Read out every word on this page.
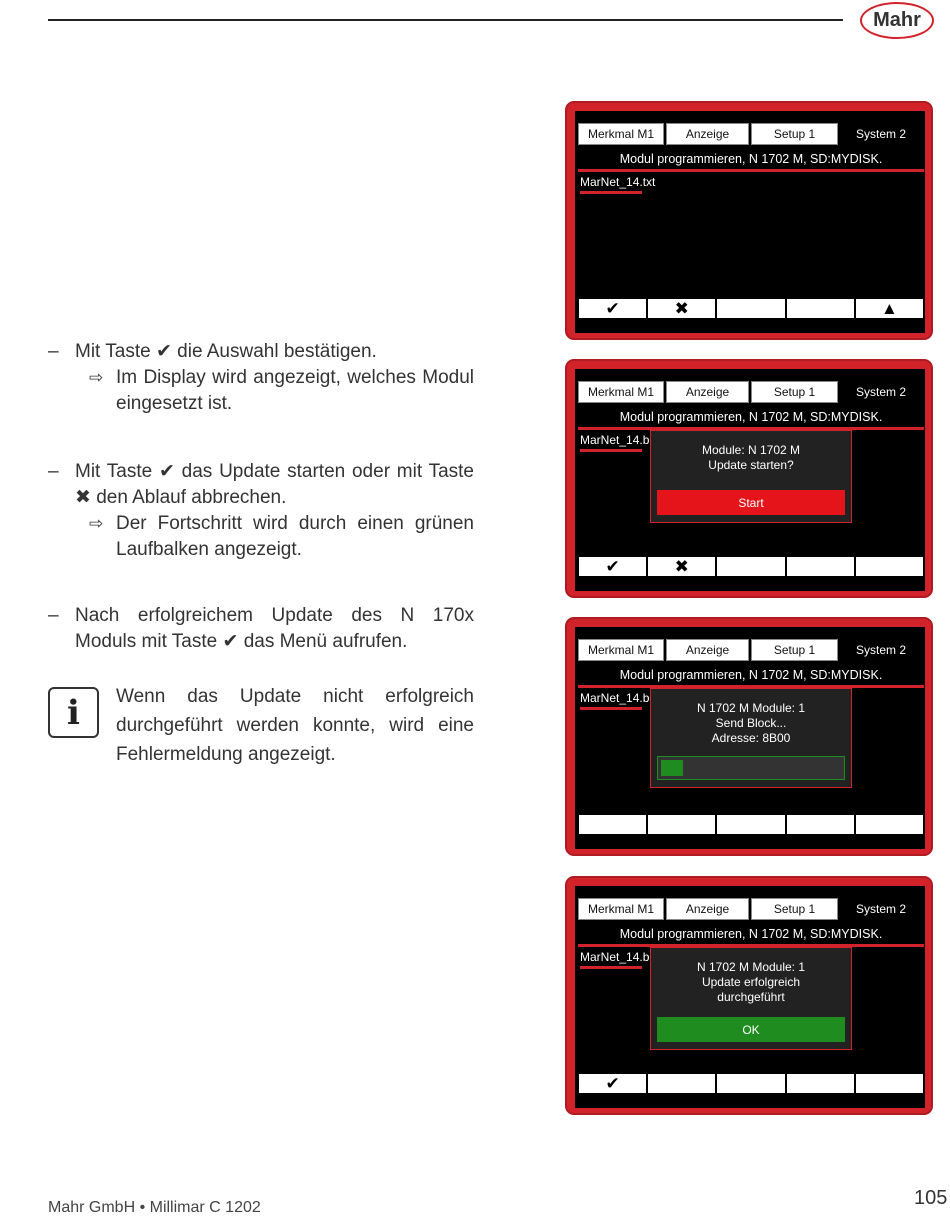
Mahr
– Mit Taste ✔ die Auswahl bestätigen.
⇨ Im Display wird angezeigt, welches Modul eingesetzt ist.
– Mit Taste ✔ das Update starten oder mit Taste ✖ den Ablauf abbrechen.
⇨ Der Fortschritt wird durch einen grünen Laufbalken angezeigt.
– Nach erfolgreichem Update des N 170x Moduls mit Taste ✔ das Menü aufrufen.
i Wenn das Update nicht erfolgreich durchgeführt werden konnte, wird eine Fehlermeldung angezeigt.
Merkmal M1	Anzeige	Setup 1	System 2
Modul programmieren, N 1702 M, SD:MYDISK.
MarNet_14.txt
✔	✖	▲
Merkmal M1	Anzeige	Setup 1	System 2
Modul programmieren, N 1702 M, SD:MYDISK.
MarNet_14.b
Module: N 1702 M
Update starten?
Start
✔	✖
Merkmal M1	Anzeige	Setup 1	System 2
Modul programmieren, N 1702 M, SD:MYDISK.
MarNet_14.b
N 1702 M Module: 1
Send Block...
Adresse: 8B00
Merkmal M1	Anzeige	Setup 1	System 2
Modul programmieren, N 1702 M, SD:MYDISK.
MarNet_14.b
N 1702 M Module: 1
Update erfolgreich
durchgeführt
OK
✔
Mahr GmbH • Millimar C 1202	105
